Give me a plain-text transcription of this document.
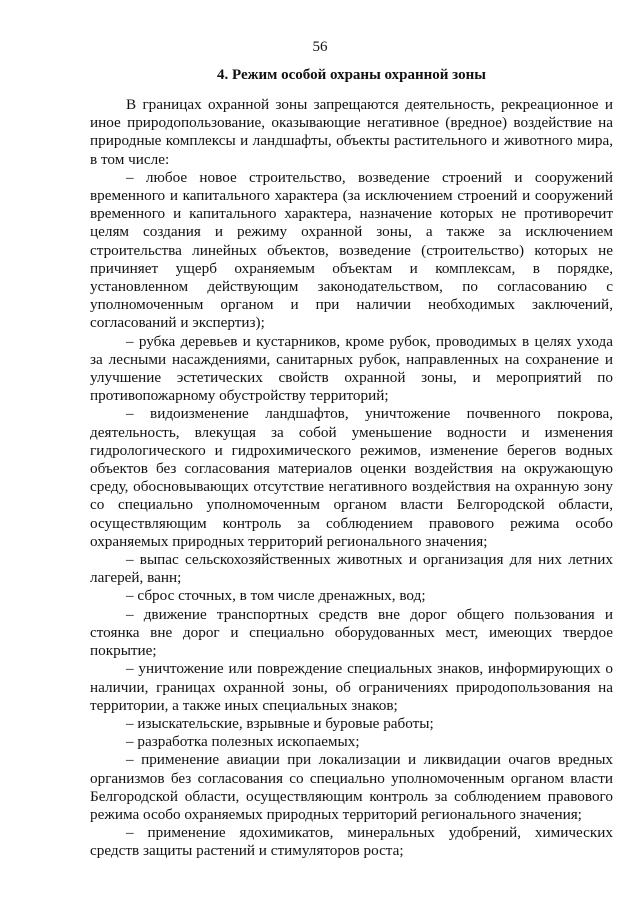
56
4. Режим особой охраны охранной зоны

В границах охранной зоны запрещаются деятельность, рекреационное и иное природопользование, оказывающие негативное (вредное) воздействие на природные комплексы и ландшафты, объекты растительного и животного мира, в том числе:

– любое новое строительство, возведение строений и сооружений временного и капитального характера (за исключением строений и сооружений временного и капитального характера, назначение которых не противоречит целям создания и режиму охранной зоны, а также за исключением строительства линейных объектов, возведение (строительство) которых не причиняет ущерб охраняемым объектам и комплексам, в порядке, установленном действующим законодательством, по согласованию с уполномоченным органом и при наличии необходимых заключений, согласований и экспертиз);

– рубка деревьев и кустарников, кроме рубок, проводимых в целях ухода за лесными насаждениями, санитарных рубок, направленных на сохранение и улучшение эстетических свойств охранной зоны, и мероприятий по противопожарному обустройству территорий;

– видоизменение ландшафтов, уничтожение почвенного покрова, деятельность, влекущая за собой уменьшение водности и изменения гидрологического и гидрохимического режимов, изменение берегов водных объектов без согласования материалов оценки воздействия на окружающую среду, обосновывающих отсутствие негативного воздействия на охранную зону со специально уполномоченным органом власти Белгородской области, осуществляющим контроль за соблюдением правового режима особо охраняемых природных территорий регионального значения;

– выпас сельскохозяйственных животных и организация для них летних лагерей, ванн;

– сброс сточных, в том числе дренажных, вод;

– движение транспортных средств вне дорог общего пользования и стоянка вне дорог и специально оборудованных мест, имеющих твердое покрытие;

– уничтожение или повреждение специальных знаков, информирующих о наличии, границах охранной зоны, об ограничениях природопользования на территории, а также иных специальных знаков;

– изыскательские, взрывные и буровые работы;

– разработка полезных ископаемых;

– применение авиации при локализации и ликвидации очагов вредных организмов без согласования со специально уполномоченным органом власти Белгородской области, осуществляющим контроль за соблюдением правового режима особо охраняемых природных территорий регионального значения;

– применение ядохимикатов, минеральных удобрений, химических средств защиты растений и стимуляторов роста;
